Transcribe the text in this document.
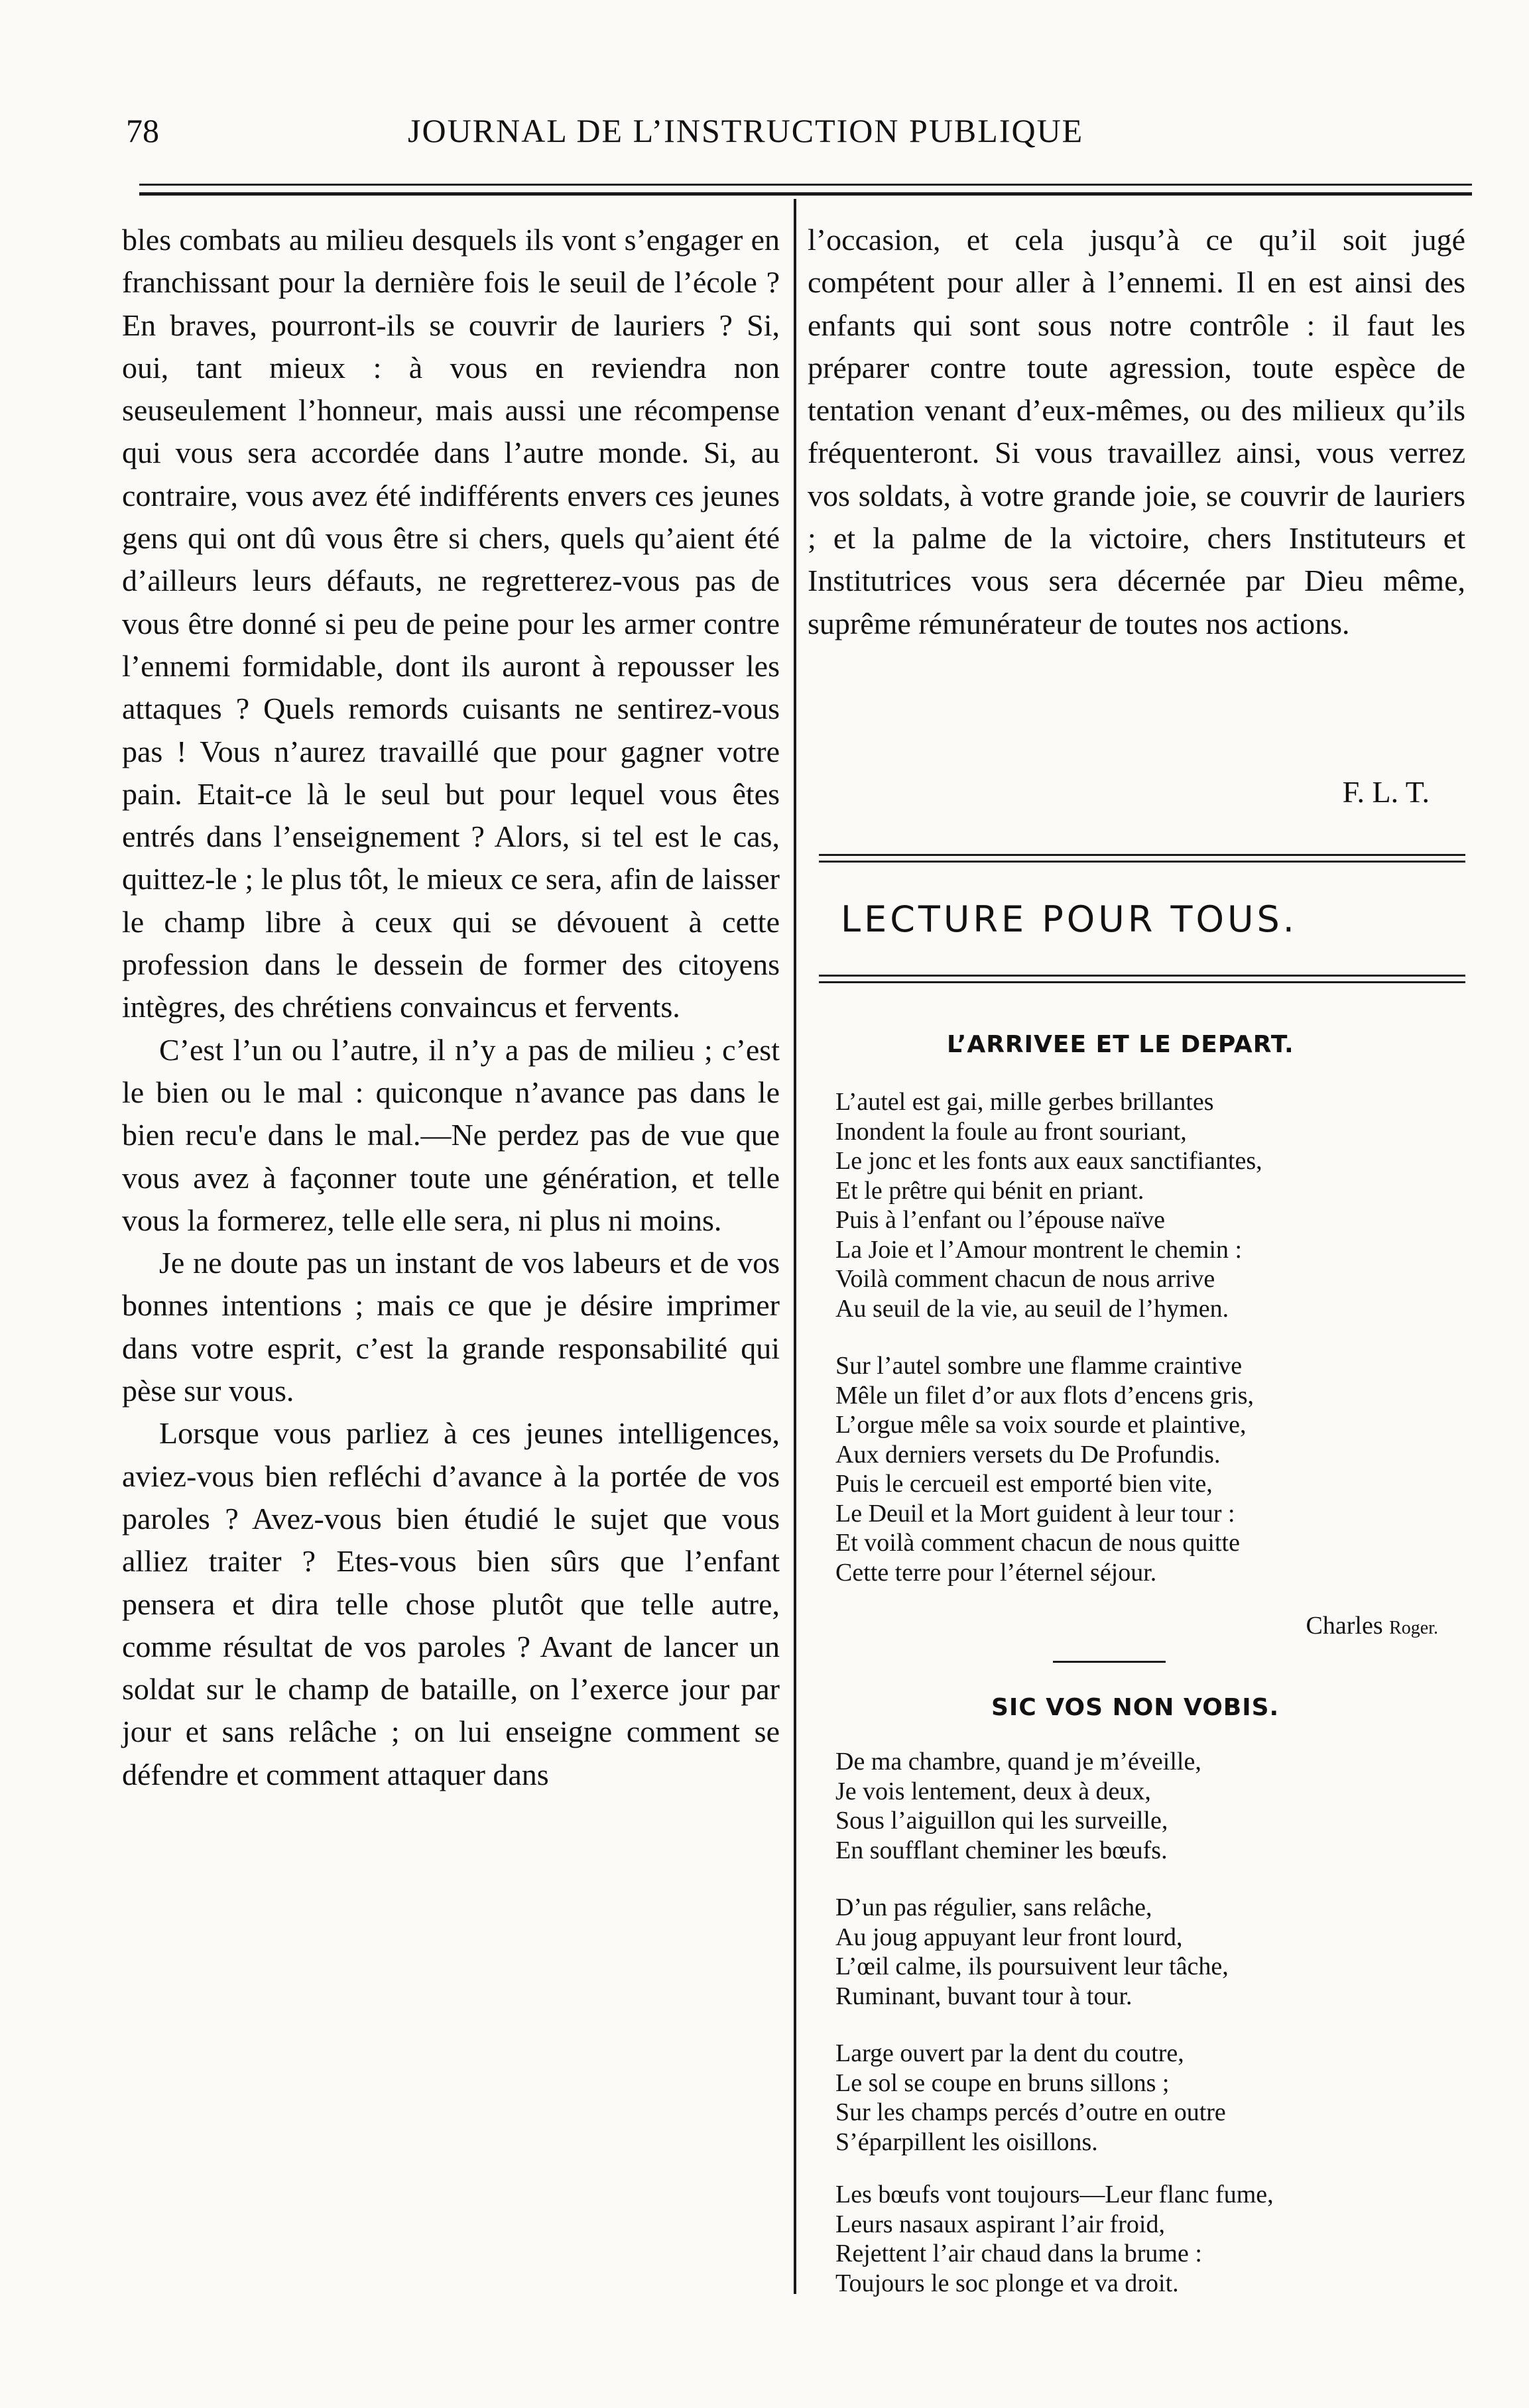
78	JOURNAL DE L’INSTRUCTION PUBLIQUE

bles combats au milieu desquels ils vont s’engager en franchissant pour la dernière fois le seuil de l’école ? En braves, pourront-ils se couvrir de lauriers ? Si, oui, tant mieux : à vous en reviendra non seuseulement l’honneur, mais aussi une récompense qui vous sera accordée dans l’autre monde. Si, au contraire, vous avez été indifférents envers ces jeunes gens qui ont dû vous être si chers, quels qu’aient été d’ailleurs leurs défauts, ne regretterez-vous pas de vous être donné si peu de peine pour les armer contre l’ennemi formidable, dont ils auront à repousser les attaques ? Quels remords cuisants ne sentirez-vous pas ! Vous n’aurez travaillé que pour gagner votre pain. Etait-ce là le seul but pour lequel vous êtes entrés dans l’enseignement ? Alors, si tel est le cas, quittez-le ; le plus tôt, le mieux ce sera, afin de laisser le champ libre à ceux qui se dévouent à cette profession dans le dessein de former des citoyens intègres, des chrétiens convaincus et fervents.

C’est l’un ou l’autre, il n’y a pas de milieu ; c’est le bien ou le mal : quiconque n’avance pas dans le bien recu'e dans le mal.—Ne perdez pas de vue que vous avez à façonner toute une génération, et telle vous la formerez, telle elle sera, ni plus ni moins.

Je ne doute pas un instant de vos labeurs et de vos bonnes intentions ; mais ce que je désire imprimer dans votre esprit, c’est la grande responsabilité qui pèse sur vous.

Lorsque vous parliez à ces jeunes intelligences, aviez-vous bien refléchi d’avance à la portée de vos paroles ? Avez-vous bien étudié le sujet que vous alliez traiter ? Etes-vous bien sûrs que l’enfant pensera et dira telle chose plutôt que telle autre, comme résultat de vos paroles ? Avant de lancer un soldat sur le champ de bataille, on l’exerce jour par jour et sans relâche ; on lui enseigne comment se défendre et comment attaquer dans

l’occasion, et cela jusqu’à ce qu’il soit jugé compétent pour aller à l’ennemi. Il en est ainsi des enfants qui sont sous notre contrôle : il faut les préparer contre toute agression, toute espèce de tentation venant d’eux-mêmes, ou des milieux qu’ils fréquenteront. Si vous travaillez ainsi, vous verrez vos soldats, à votre grande joie, se couvrir de lauriers ; et la palme de la victoire, chers Instituteurs et Institutrices vous sera décernée par Dieu même, suprême rémunérateur de toutes nos actions.

F. L. T.
LECTURE POUR TOUS.
L’ARRIVEE ET LE DEPART.
L’autel est gai, mille gerbes brillantes
Inondent la foule au front souriant,
Le jonc et les fonts aux eaux sanctifiantes,
Et le prêtre qui bénit en priant.
Puis à l’enfant ou l’épouse naïve
La Joie et l’Amour montrent le chemin :
Voilà comment chacun de nous arrive
Au seuil de la vie, au seuil de l’hymen.
Sur l’autel sombre une flamme craintive
Mêle un filet d’or aux flots d’encens gris,
L’orgue mêle sa voix sourde et plaintive,
Aux derniers versets du De Profundis.
Puis le cercueil est emporté bien vite,
Le Deuil et la Mort guident à leur tour :
Et voilà comment chacun de nous quitte
Cette terre pour l’éternel séjour.
Charles Roger.
SIC VOS NON VOBIS.
De ma chambre, quand je m’éveille,
Je vois lentement, deux à deux,
Sous l’aiguillon qui les surveille,
En soufflant cheminer les bœufs.
D’un pas régulier, sans relâche,
Au joug appuyant leur front lourd,
L’œil calme, ils poursuivent leur tâche,
Ruminant, buvant tour à tour.
Large ouvert par la dent du coutre,
Le sol se coupe en bruns sillons ;
Sur les champs percés d’outre en outre
S’éparpillent les oisillons.
Les bœufs vont toujours—Leur flanc fume,
Leurs nasaux aspirant l’air froid,
Rejettent l’air chaud dans la brume :
Toujours le soc plonge et va droit.
